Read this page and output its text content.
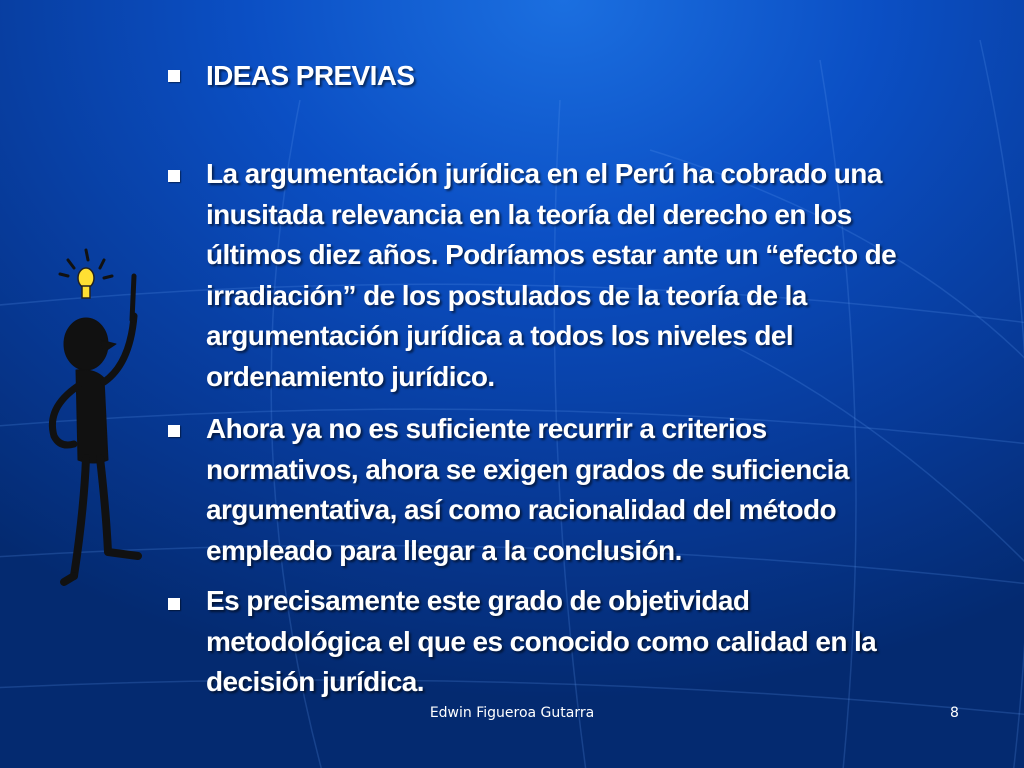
IDEAS PREVIAS
La argumentación jurídica en el Perú ha cobrado una
inusitada relevancia en la teoría del derecho en los
últimos diez años. Podríamos estar ante un “efecto de
irradiación” de los postulados de la teoría de la
argumentación jurídica a todos los niveles del
ordenamiento jurídico.
Ahora ya no es suficiente recurrir a criterios
normativos, ahora se exigen grados de suficiencia
argumentativa, así como racionalidad del método
empleado para llegar a la conclusión.
Es precisamente este grado de objetividad
metodológica el que es conocido como calidad en la
decisión jurídica.
Edwin Figueroa Gutarra	8
